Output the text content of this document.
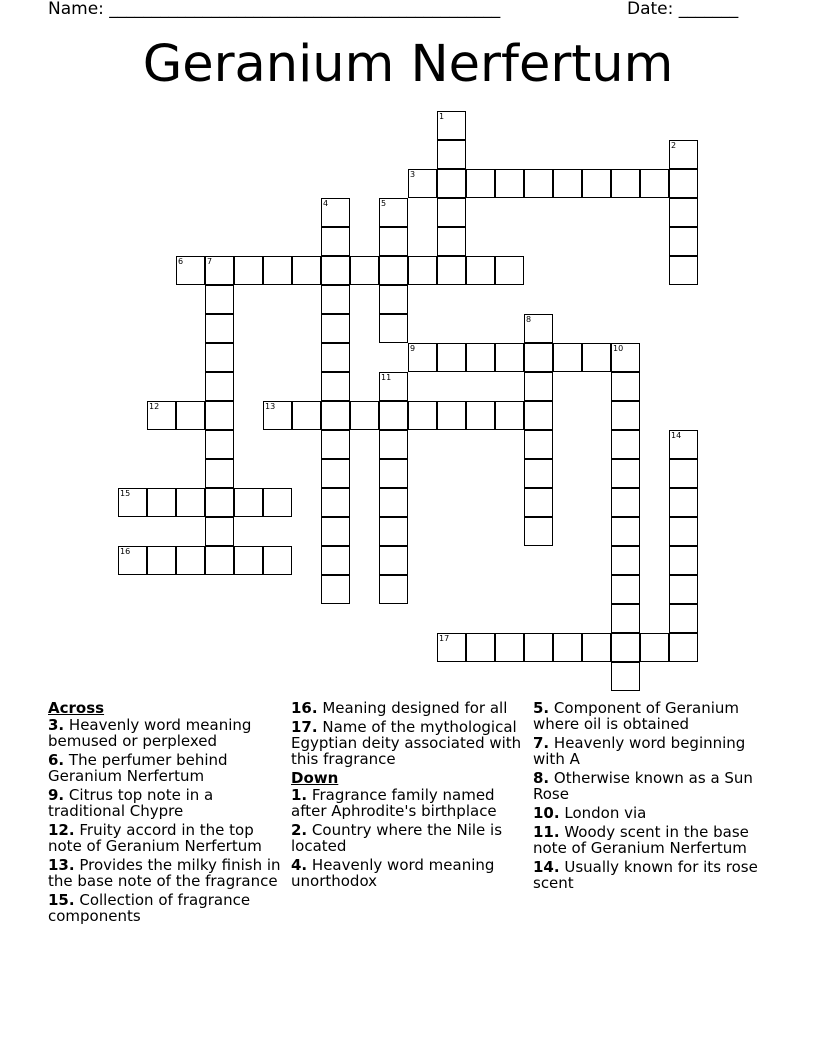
Name: ______________________________________________	Date: _______
Geranium Nerfertum
1
2
3
4	5
6	7
8
9	10
11
12	13
14
15
16
17

Across

3. Heavenly word meaning bemused or perplexed

6. The perfumer behind Geranium Nerfertum

9. Citrus top note in a traditional Chypre

12. Fruity accord in the top note of Geranium Nerfertum

13. Provides the milky finish in the base note of the fragrance

15. Collection of fragrance components

16. Meaning designed for all

17. Name of the mythological Egyptian deity associated with this fragrance

Down

1. Fragrance family named after Aphrodite's birthplace

2. Country where the Nile is located

4. Heavenly word meaning unorthodox

5. Component of Geranium where oil is obtained

7. Heavenly word beginning with A

8. Otherwise known as a Sun Rose

10. London via

11. Woody scent in the base note of Geranium Nerfertum

14. Usually known for its rose scent
